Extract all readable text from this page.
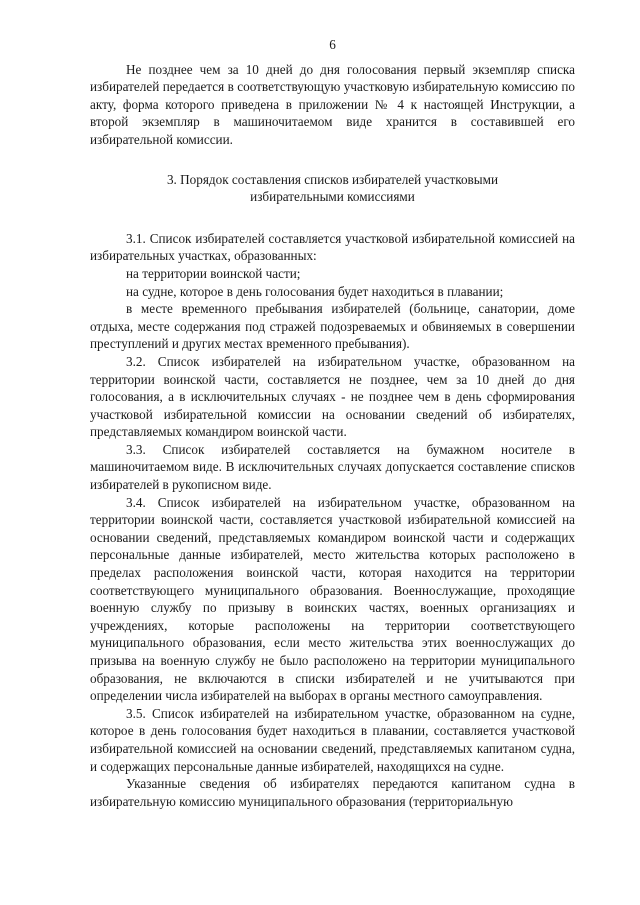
6

Не позднее чем за 10 дней до дня голосования первый экземпляр списка избирателей передается в соответствующую участковую избирательную комиссию по акту, форма которого приведена в приложении № 4 к настоящей Инструкции, а второй экземпляр в машиночитаемом виде хранится в составившей его избирательной комиссии.

3. Порядок составления списков избирателей участковыми
избирательными комиссиями

3.1. Список избирателей составляется участковой избирательной комиссией на избирательных участках, образованных:

на территории воинской части;

на судне, которое в день голосования будет находиться в плавании;

в месте временного пребывания избирателей (больнице, санатории, доме отдыха, месте содержания под стражей подозреваемых и обвиняемых в совершении преступлений и других местах временного пребывания).

3.2. Список избирателей на избирательном участке, образованном на территории воинской части, составляется не позднее, чем за 10 дней до дня голосования, а в исключительных случаях - не позднее чем в день сформирования участковой избирательной комиссии на основании сведений об избирателях, представляемых командиром воинской части.

3.3. Список избирателей составляется на бумажном носителе в машиночитаемом виде. В исключительных случаях допускается составление списков избирателей в рукописном виде.

3.4. Список избирателей на избирательном участке, образованном на территории воинской части, составляется участковой избирательной комиссией на основании сведений, представляемых командиром воинской части и содержащих персональные данные избирателей, место жительства которых расположено в пределах расположения воинской части, которая находится на территории соответствующего муниципального образования. Военнослужащие, проходящие военную службу по призыву в воинских частях, военных организациях и учреждениях, которые расположены на территории соответствующего муниципального образования, если место жительства этих военнослужащих до призыва на военную службу не было расположено на территории муниципального образования, не включаются в списки избирателей и не учитываются при определении числа избирателей на выборах в органы местного самоуправления.

3.5. Список избирателей на избирательном участке, образованном на судне, которое в день голосования будет находиться в плавании, составляется участковой избирательной комиссией на основании сведений, представляемых капитаном судна, и содержащих персональные данные избирателей, находящихся на судне.

Указанные сведения об избирателях передаются капитаном судна в избирательную комиссию муниципального образования (территориальную
